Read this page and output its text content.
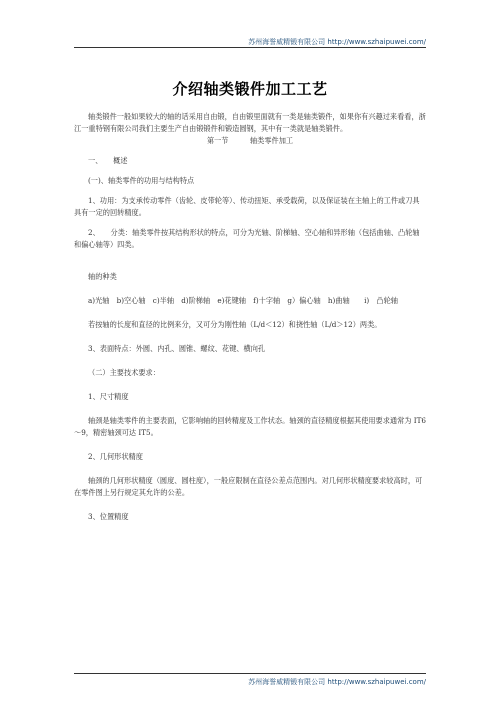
苏州海誉威精锻有限公司 http://www.szhaipuwei.com/
介绍轴类锻件加工工艺

轴类锻件一般如果较大的轴的话采用自由锻，自由锻里面就有一类是轴类锻件，如果你有兴趣过来看看，浙江一重特钢有限公司我们主要生产自由锻锻件和锻造圆钢，其中有一类就是轴类锻件。

第一节　　　轴类零件加工

一、　　概述

(一)、轴类零件的功用与结构特点

1、功用：为支承传动零件（齿轮、皮带轮等）、传动扭矩、承受载荷，以及保证装在主轴上的工件或刀具具有一定的回转精度。

2、　　分类：轴类零件按其结构形状的特点，可分为光轴、阶梯轴、空心轴和异形轴（包括曲轴、凸轮轴和偏心轴等）四类。

轴的种类

a)光轴　b)空心轴　c)半轴　d)阶梯轴　e)花键轴　f)十字轴　g）偏心轴　h)曲轴　　i)　凸轮轴

若按轴的长度和直径的比例来分，又可分为刚性轴（L/d＜12）和挠性轴（L/d＞12）两类。

3、表面特点：外圆、内孔、圆锥、螺纹、花键、横向孔

（二）主要技术要求：

1、尺寸精度

轴颈是轴类零件的主要表面，它影响轴的回转精度及工作状态。轴颈的直径精度根据其使用要求通常为 IT6～9，精密轴颈可达 IT5。

2、几何形状精度

轴颈的几何形状精度（圆度、圆柱度），一般应限制在直径公差点范围内。对几何形状精度要求较高时，可在零件图上另行规定其允许的公差。

3、位置精度

苏州海誉威精锻有限公司 http://www.szhaipuwei.com/
